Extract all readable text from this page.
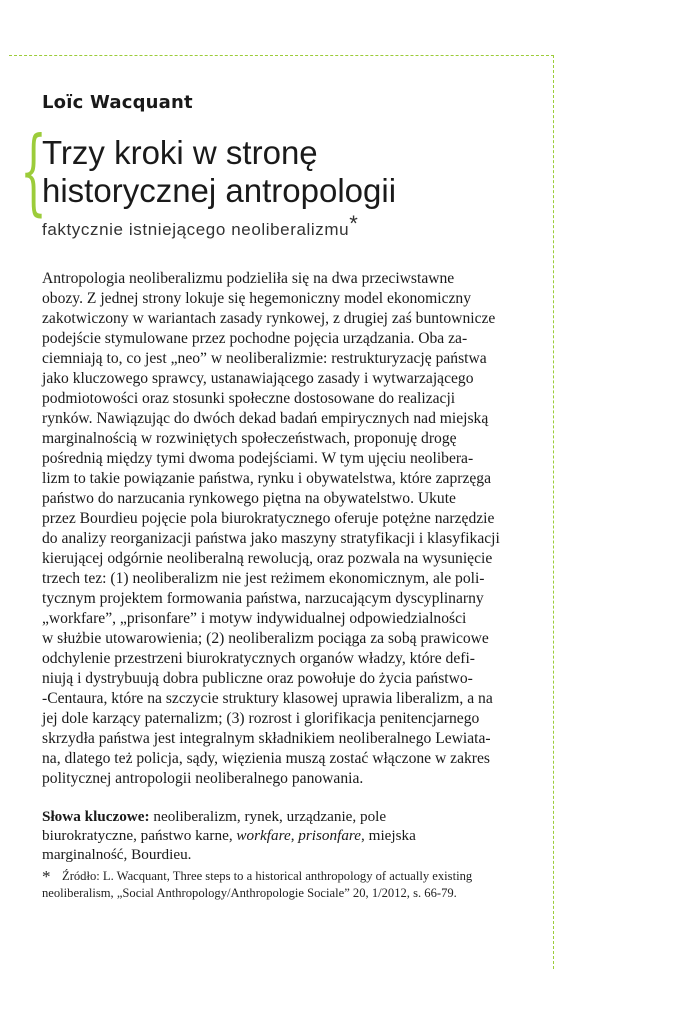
Loïc Wacquant
{
Trzy kroki w stronę
historycznej antropologii
faktycznie istniejącego neoliberalizmu*

Antropologia neoliberalizmu podzieliła się na dwa przeciwstawne
obozy. Z jednej strony lokuje się hegemoniczny model ekonomiczny
zakotwiczony w wariantach zasady rynkowej, z drugiej zaś buntownicze
podejście stymulowane przez pochodne pojęcia urządzania. Oba za-
ciemniają to, co jest „neo” w neoliberalizmie: restrukturyzację państwa
jako kluczowego sprawcy, ustanawiającego zasady i wytwarzającego
podmiotowości oraz stosunki społeczne dostosowane do realizacji
rynków. Nawiązując do dwóch dekad badań empirycznych nad miejską
marginalnością w rozwiniętych społeczeństwach, proponuję drogę
pośrednią między tymi dwoma podejściami. W tym ujęciu neolibera-
lizm to takie powiązanie państwa, rynku i obywatelstwa, które zaprzęga
państwo do narzucania rynkowego piętna na obywatelstwo. Ukute
przez Bourdieu pojęcie pola biurokratycznego oferuje potężne narzędzie
do analizy reorganizacji państwa jako maszyny stratyfikacji i klasyfikacji
kierującej odgórnie neoliberalną rewolucją, oraz pozwala na wysunięcie
trzech tez: (1) neoliberalizm nie jest reżimem ekonomicznym, ale poli-
tycznym projektem formowania państwa, narzucającym dyscyplinarny
„workfare”, „prisonfare” i motyw indywidualnej odpowiedzialności
w służbie utowarowienia; (2) neoliberalizm pociąga za sobą prawicowe
odchylenie przestrzeni biurokratycznych organów władzy, które defi-
niują i dystrybuują dobra publiczne oraz powołuje do życia państwo-
-Centaura, które na szczycie struktury klasowej uprawia liberalizm, a na
jej dole karzący paternalizm; (3) rozrost i glorifikacja penitencjarnego
skrzydła państwa jest integralnym składnikiem neoliberalnego Lewiata-
na, dlatego też policja, sądy, więzienia muszą zostać włączone w zakres
politycznej antropologii neoliberalnego panowania.

Słowa kluczowe: neoliberalizm, rynek, urządzanie, pole biurokratyczne, państwo karne, workfare, prisonfare, miejska marginalność, Bourdieu.

* Źródło: L. Wacquant, Three steps to a historical anthropology of actually existing neoliberalism, „Social Anthropology/Anthropologie Sociale” 20, 1/2012, s. 66-79.
